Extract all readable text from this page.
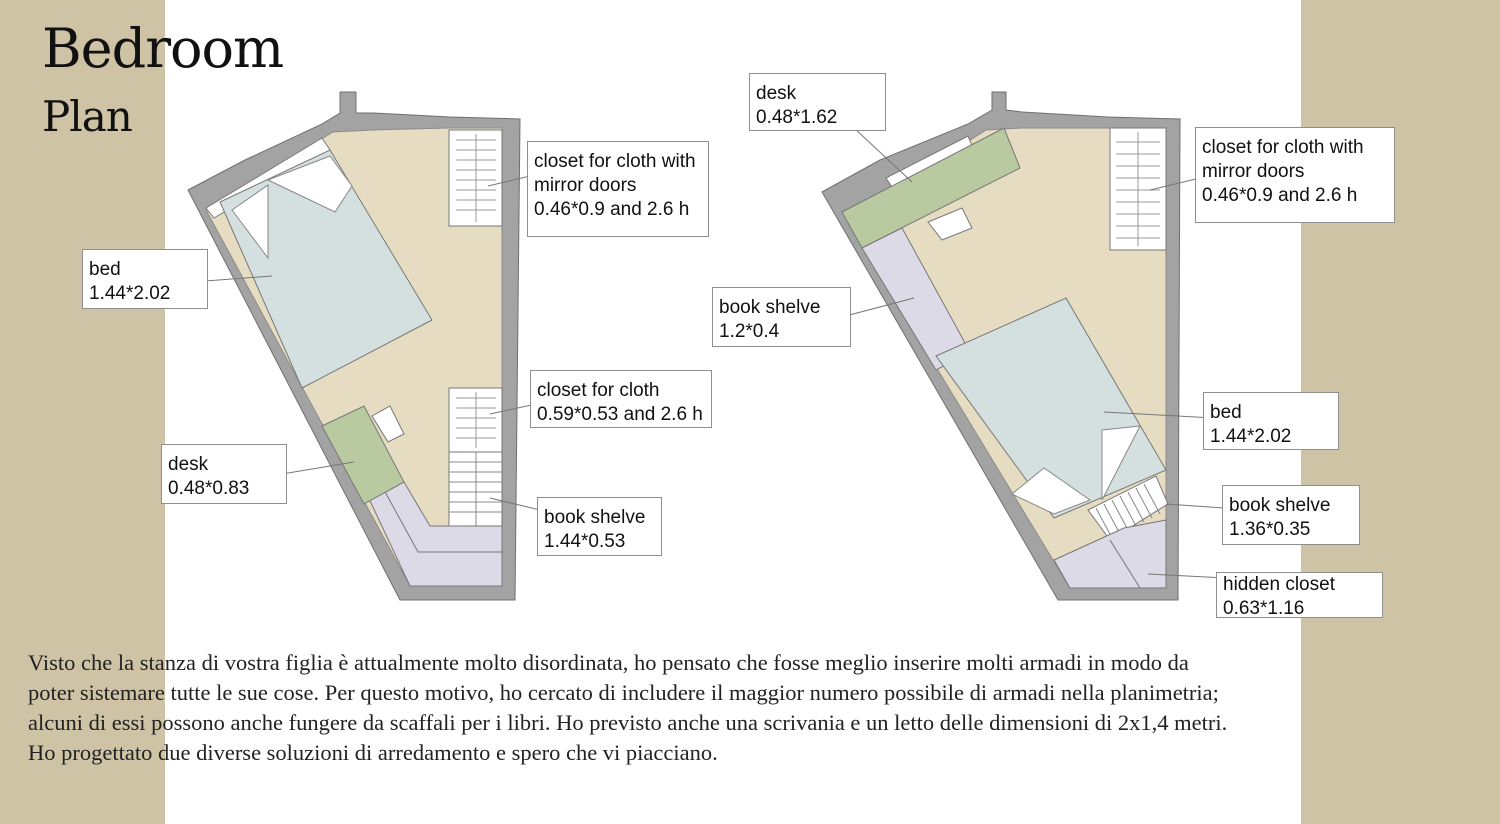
Bedroom
Plan
closet for cloth with
mirror doors
0.46*0.9 and 2.6 h
bed
1.44*2.02
closet for cloth
0.59*0.53 and 2.6 h
desk
0.48*0.83
book shelve
1.44*0.53
desk
0.48*1.62
closet for cloth with
mirror doors
0.46*0.9 and 2.6 h
book shelve
1.2*0.4
bed
1.44*2.02
book shelve
1.36*0.35
hidden closet
0.63*1.16
Visto che la stanza di vostra figlia è attualmente molto disordinata, ho pensato che fosse meglio inserire molti armadi in modo da
poter sistemare tutte le sue cose. Per questo motivo, ho cercato di includere il maggior numero possibile di armadi nella planimetria;
alcuni di essi possono anche fungere da scaffali per i libri. Ho previsto anche una scrivania e un letto delle dimensioni di 2x1,4 metri.
Ho progettato due diverse soluzioni di arredamento e spero che vi piacciano.
